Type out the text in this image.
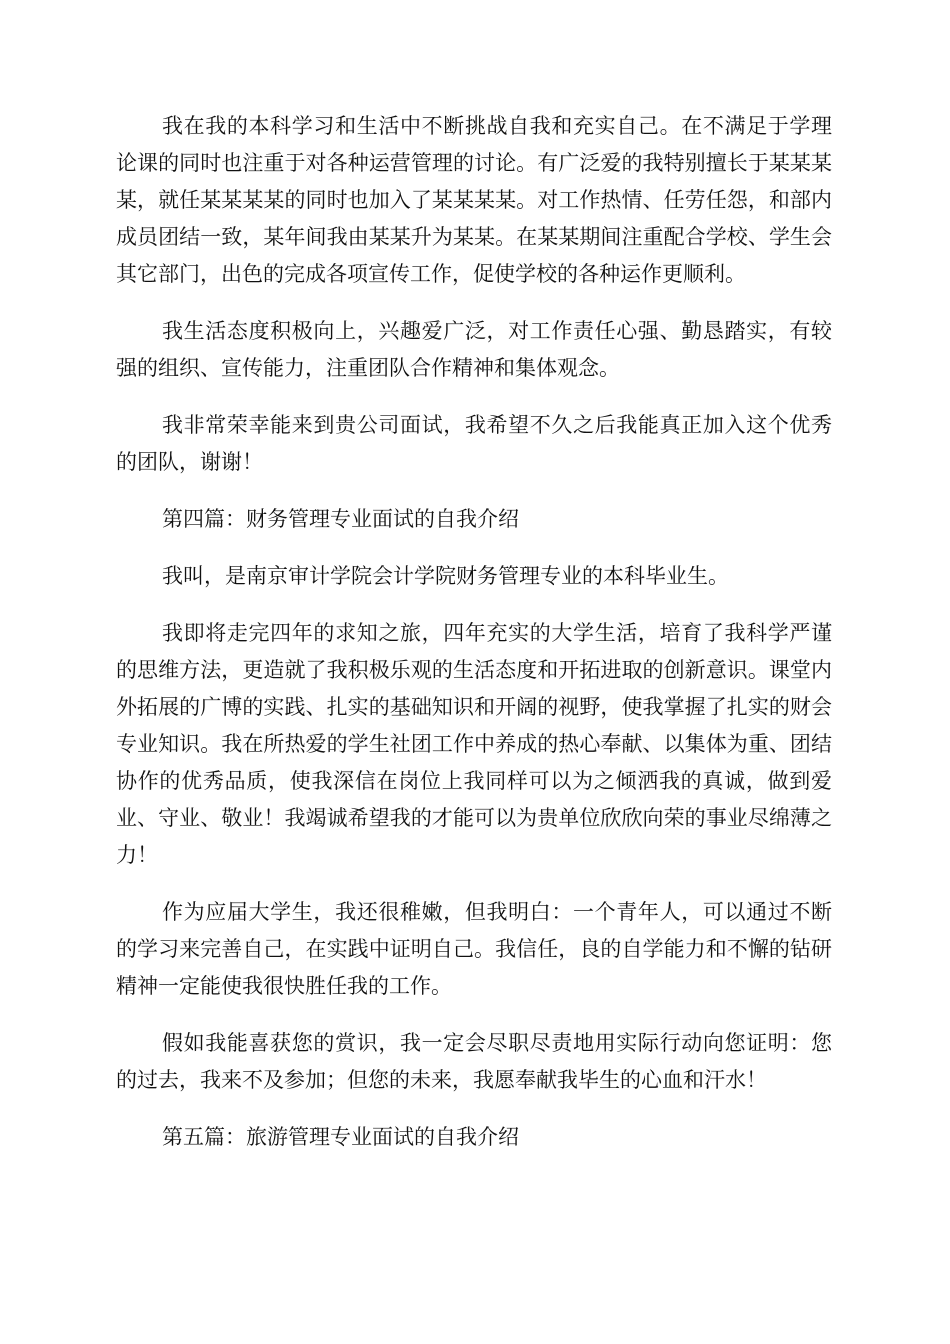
我在我的本科学习和生活中不断挑战自我和充实自己。在不满足于学理论课的同时也注重于对各种运营管理的讨论。有广泛爱的我特别擅长于某某某某，就任某某某某的同时也加入了某某某某。对工作热情、任劳任怨，和部内成员团结一致，某年间我由某某升为某某。在某某期间注重配合学校、学生会其它部门，出色的完成各项宣传工作，促使学校的各种运作更顺利。

我生活态度积极向上，兴趣爱广泛，对工作责任心强、勤恳踏实，有较强的组织、宣传能力，注重团队合作精神和集体观念。

我非常荣幸能来到贵公司面试，我希望不久之后我能真正加入这个优秀的团队，谢谢！

第四篇：财务管理专业面试的自我介绍

我叫，是南京审计学院会计学院财务管理专业的本科毕业生。

我即将走完四年的求知之旅，四年充实的大学生活，培育了我科学严谨的思维方法，更造就了我积极乐观的生活态度和开拓进取的创新意识。课堂内外拓展的广博的实践、扎实的基础知识和开阔的视野，使我掌握了扎实的财会专业知识。我在所热爱的学生社团工作中养成的热心奉献、以集体为重、团结协作的优秀品质，使我深信在岗位上我同样可以为之倾洒我的真诚，做到爱业、守业、敬业！我竭诚希望我的才能可以为贵单位欣欣向荣的事业尽绵薄之力！

作为应届大学生，我还很稚嫩，但我明白：一个青年人，可以通过不断的学习来完善自己，在实践中证明自己。我信任，良的自学能力和不懈的钻研精神一定能使我很快胜任我的工作。

假如我能喜获您的赏识，我一定会尽职尽责地用实际行动向您证明：您的过去，我来不及参加；但您的未来，我愿奉献我毕生的心血和汗水！

第五篇：旅游管理专业面试的自我介绍
